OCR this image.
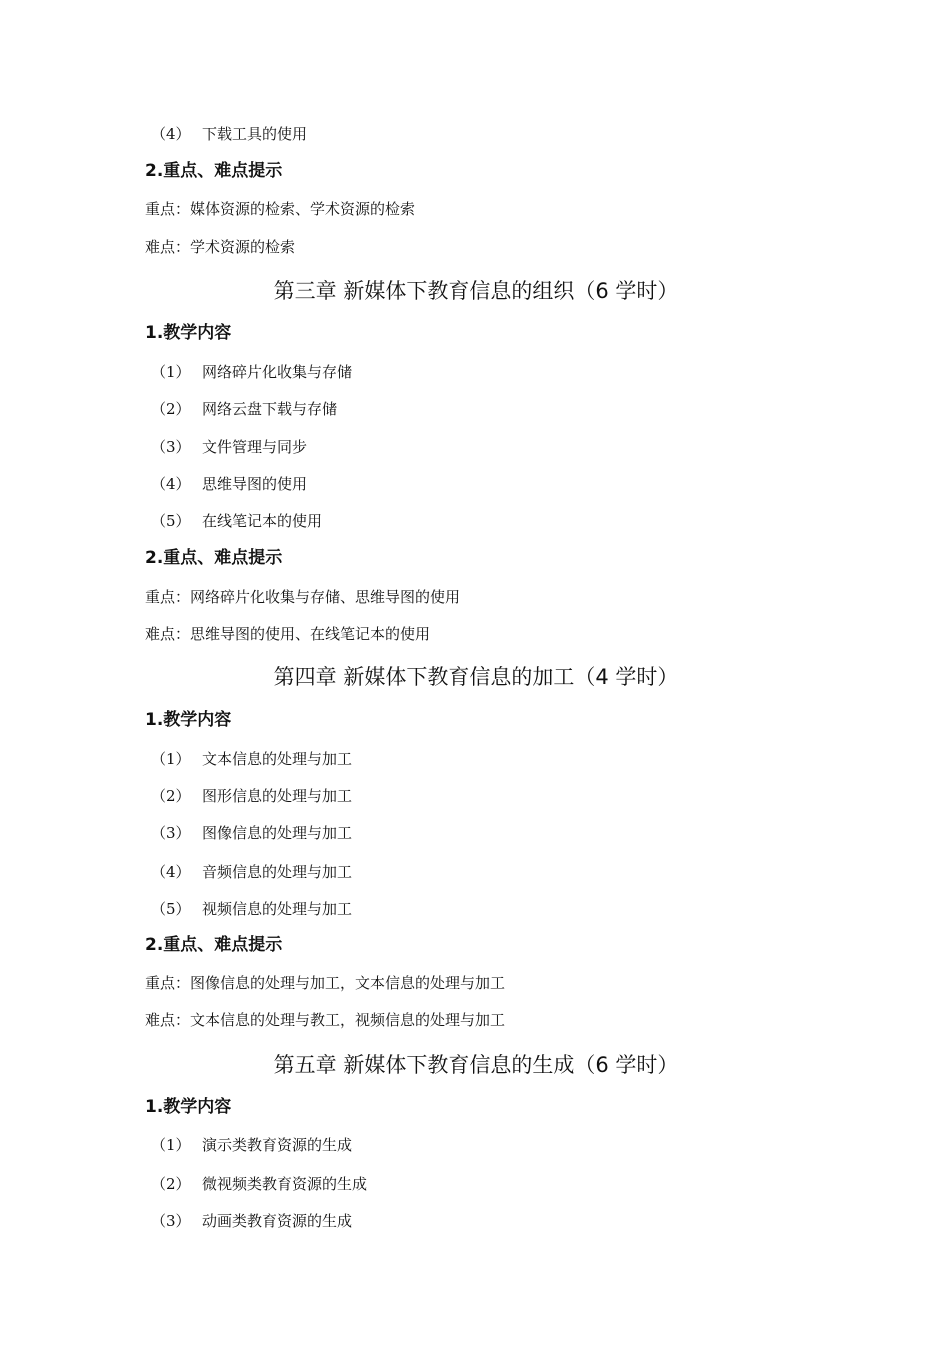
（4） 下载工具的使用
2.重点、难点提示
重点：媒体资源的检索、学术资源的检索
难点：学术资源的检索
第三章 新媒体下教育信息的组织（6 学时）
1.教学内容
（1） 网络碎片化收集与存储
（2） 网络云盘下载与存储
（3） 文件管理与同步
（4） 思维导图的使用
（5） 在线笔记本的使用
2.重点、难点提示
重点：网络碎片化收集与存储、思维导图的使用
难点：思维导图的使用、在线笔记本的使用
第四章 新媒体下教育信息的加工（4 学时）
1.教学内容
（1） 文本信息的处理与加工
（2） 图形信息的处理与加工
（3） 图像信息的处理与加工
（4） 音频信息的处理与加工
（5） 视频信息的处理与加工
2.重点、难点提示
重点：图像信息的处理与加工，文本信息的处理与加工
难点：文本信息的处理与教工，视频信息的处理与加工
第五章 新媒体下教育信息的生成（6 学时）
1.教学内容
（1） 演示类教育资源的生成
（2） 微视频类教育资源的生成
（3） 动画类教育资源的生成
